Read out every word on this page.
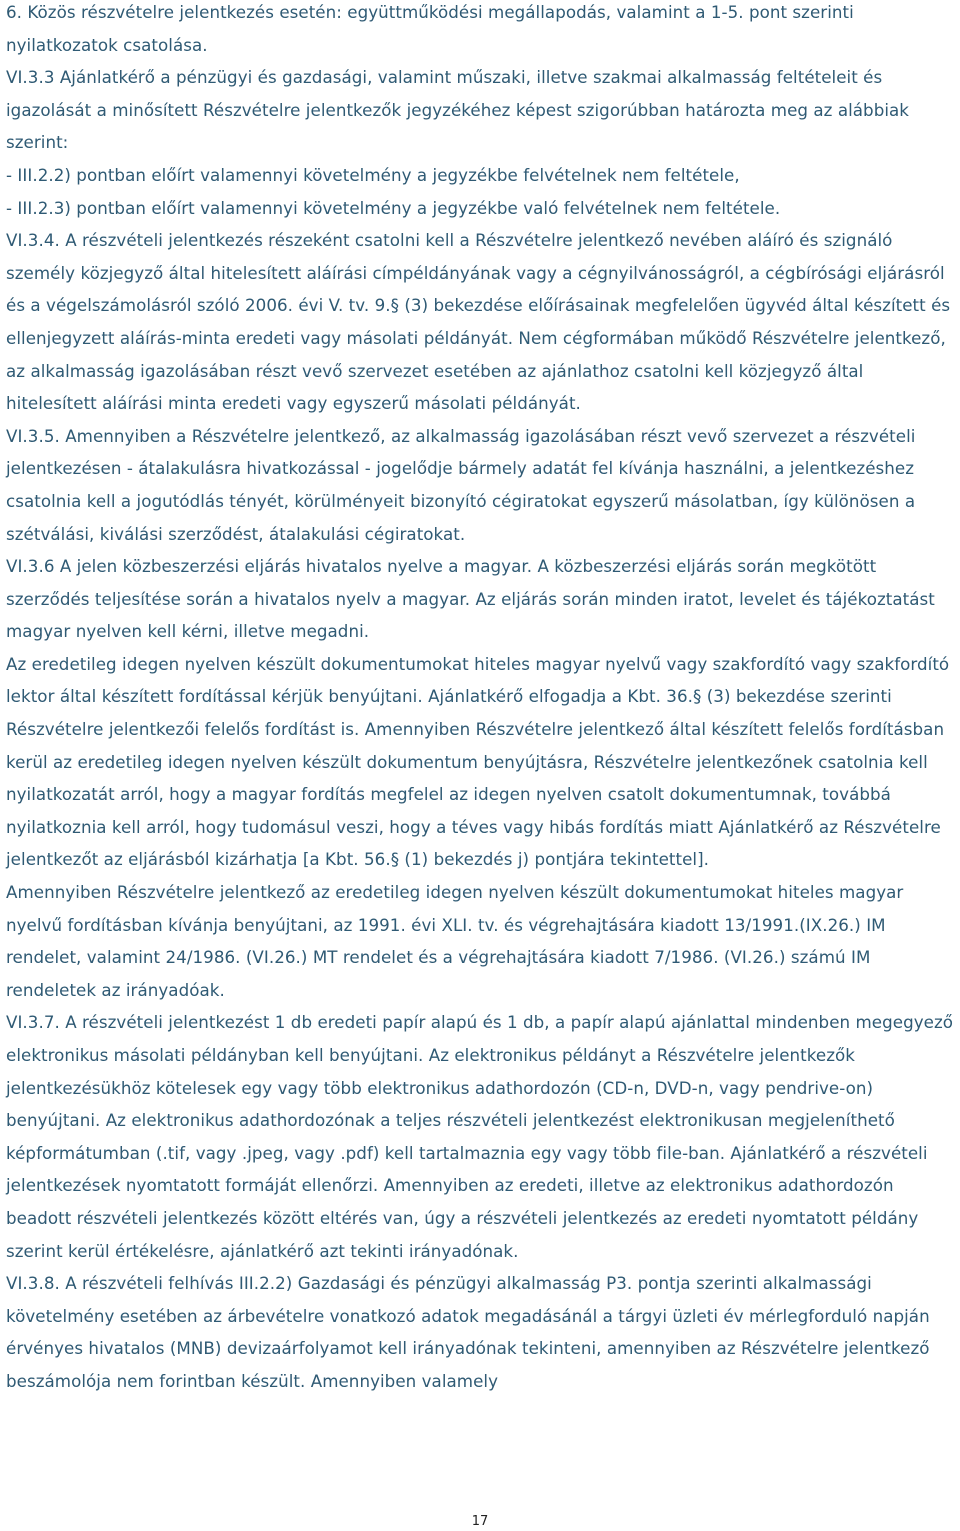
6. Közös részvételre jelentkezés esetén: együttműködési megállapodás, valamint a 1-5. pont szerinti nyilatkozatok csatolása.

VI.3.3 Ajánlatkérő a pénzügyi és gazdasági, valamint műszaki, illetve szakmai alkalmasság feltételeit és igazolását a minősített Részvételre jelentkezők jegyzékéhez képest szigorúbban határozta meg az alábbiak szerint:

- III.2.2) pontban előírt valamennyi követelmény a jegyzékbe felvételnek nem feltétele,

- III.2.3) pontban előírt valamennyi követelmény a jegyzékbe való felvételnek nem feltétele.

VI.3.4. A részvételi jelentkezés részeként csatolni kell a Részvételre jelentkező nevében aláíró és szignáló személy közjegyző által hitelesített aláírási címpéldányának vagy a cégnyilvánosságról, a cégbírósági eljárásról és a végelszámolásról szóló 2006. évi V. tv. 9.§ (3) bekezdése előírásainak megfelelően ügyvéd által készített és ellenjegyzett aláírás-minta eredeti vagy másolati példányát. Nem cégformában működő Részvételre jelentkező, az alkalmasság igazolásában részt vevő szervezet esetében az ajánlathoz csatolni kell közjegyző által hitelesített aláírási minta eredeti vagy egyszerű másolati példányát.

VI.3.5. Amennyiben a Részvételre jelentkező, az alkalmasság igazolásában részt vevő szervezet a részvételi jelentkezésen - átalakulásra hivatkozással - jogelődje bármely adatát fel kívánja használni, a jelentkezéshez csatolnia kell a jogutódlás tényét, körülményeit bizonyító cégiratokat egyszerű másolatban, így különösen a szétválási, kiválási szerződést, átalakulási cégiratokat.

VI.3.6 A jelen közbeszerzési eljárás hivatalos nyelve a magyar. A közbeszerzési eljárás során megkötött szerződés teljesítése során a hivatalos nyelv a magyar. Az eljárás során minden iratot, levelet és tájékoztatást magyar nyelven kell kérni, illetve megadni.

Az eredetileg idegen nyelven készült dokumentumokat hiteles magyar nyelvű vagy szakfordító vagy szakfordító lektor által készített fordítással kérjük benyújtani. Ajánlatkérő elfogadja a Kbt. 36.§ (3) bekezdése szerinti Részvételre jelentkezői felelős fordítást is. Amennyiben Részvételre jelentkező által készített felelős fordításban kerül az eredetileg idegen nyelven készült dokumentum benyújtásra, Részvételre jelentkezőnek csatolnia kell nyilatkozatát arról, hogy a magyar fordítás megfelel az idegen nyelven csatolt dokumentumnak, továbbá nyilatkoznia kell arról, hogy tudomásul veszi, hogy a téves vagy hibás fordítás miatt Ajánlatkérő az Részvételre jelentkezőt az eljárásból kizárhatja [a Kbt. 56.§ (1) bekezdés j) pontjára tekintettel].

Amennyiben Részvételre jelentkező az eredetileg idegen nyelven készült dokumentumokat hiteles magyar nyelvű fordításban kívánja benyújtani, az 1991. évi XLI. tv. és végrehajtására kiadott 13/1991.(IX.26.) IM rendelet, valamint 24/1986. (VI.26.) MT rendelet és a végrehajtására kiadott 7/1986. (VI.26.) számú IM rendeletek az irányadóak.

VI.3.7. A részvételi jelentkezést 1 db eredeti papír alapú és 1 db, a papír alapú ajánlattal mindenben megegyező elektronikus másolati példányban kell benyújtani. Az elektronikus példányt a Részvételre jelentkezők jelentkezésükhöz kötelesek egy vagy több elektronikus adathordozón (CD-n, DVD-n, vagy pendrive-on) benyújtani. Az elektronikus adathordozónak a teljes részvételi jelentkezést elektronikusan megjeleníthető képformátumban (.tif, vagy .jpeg, vagy .pdf) kell tartalmaznia egy vagy több file-ban. Ajánlatkérő a részvételi jelentkezések nyomtatott formáját ellenőrzi. Amennyiben az eredeti, illetve az elektronikus adathordozón beadott részvételi jelentkezés között eltérés van, úgy a részvételi jelentkezés az eredeti nyomtatott példány szerint kerül értékelésre, ajánlatkérő azt tekinti irányadónak.

VI.3.8. A részvételi felhívás III.2.2) Gazdasági és pénzügyi alkalmasság P3. pontja szerinti alkalmassági követelmény esetében az árbevételre vonatkozó adatok megadásánál a tárgyi üzleti év mérlegforduló napján érvényes hivatalos (MNB) devizaárfolyamot kell irányadónak tekinteni, amennyiben az Részvételre jelentkező beszámolója nem forintban készült. Amennyiben valamely

17
